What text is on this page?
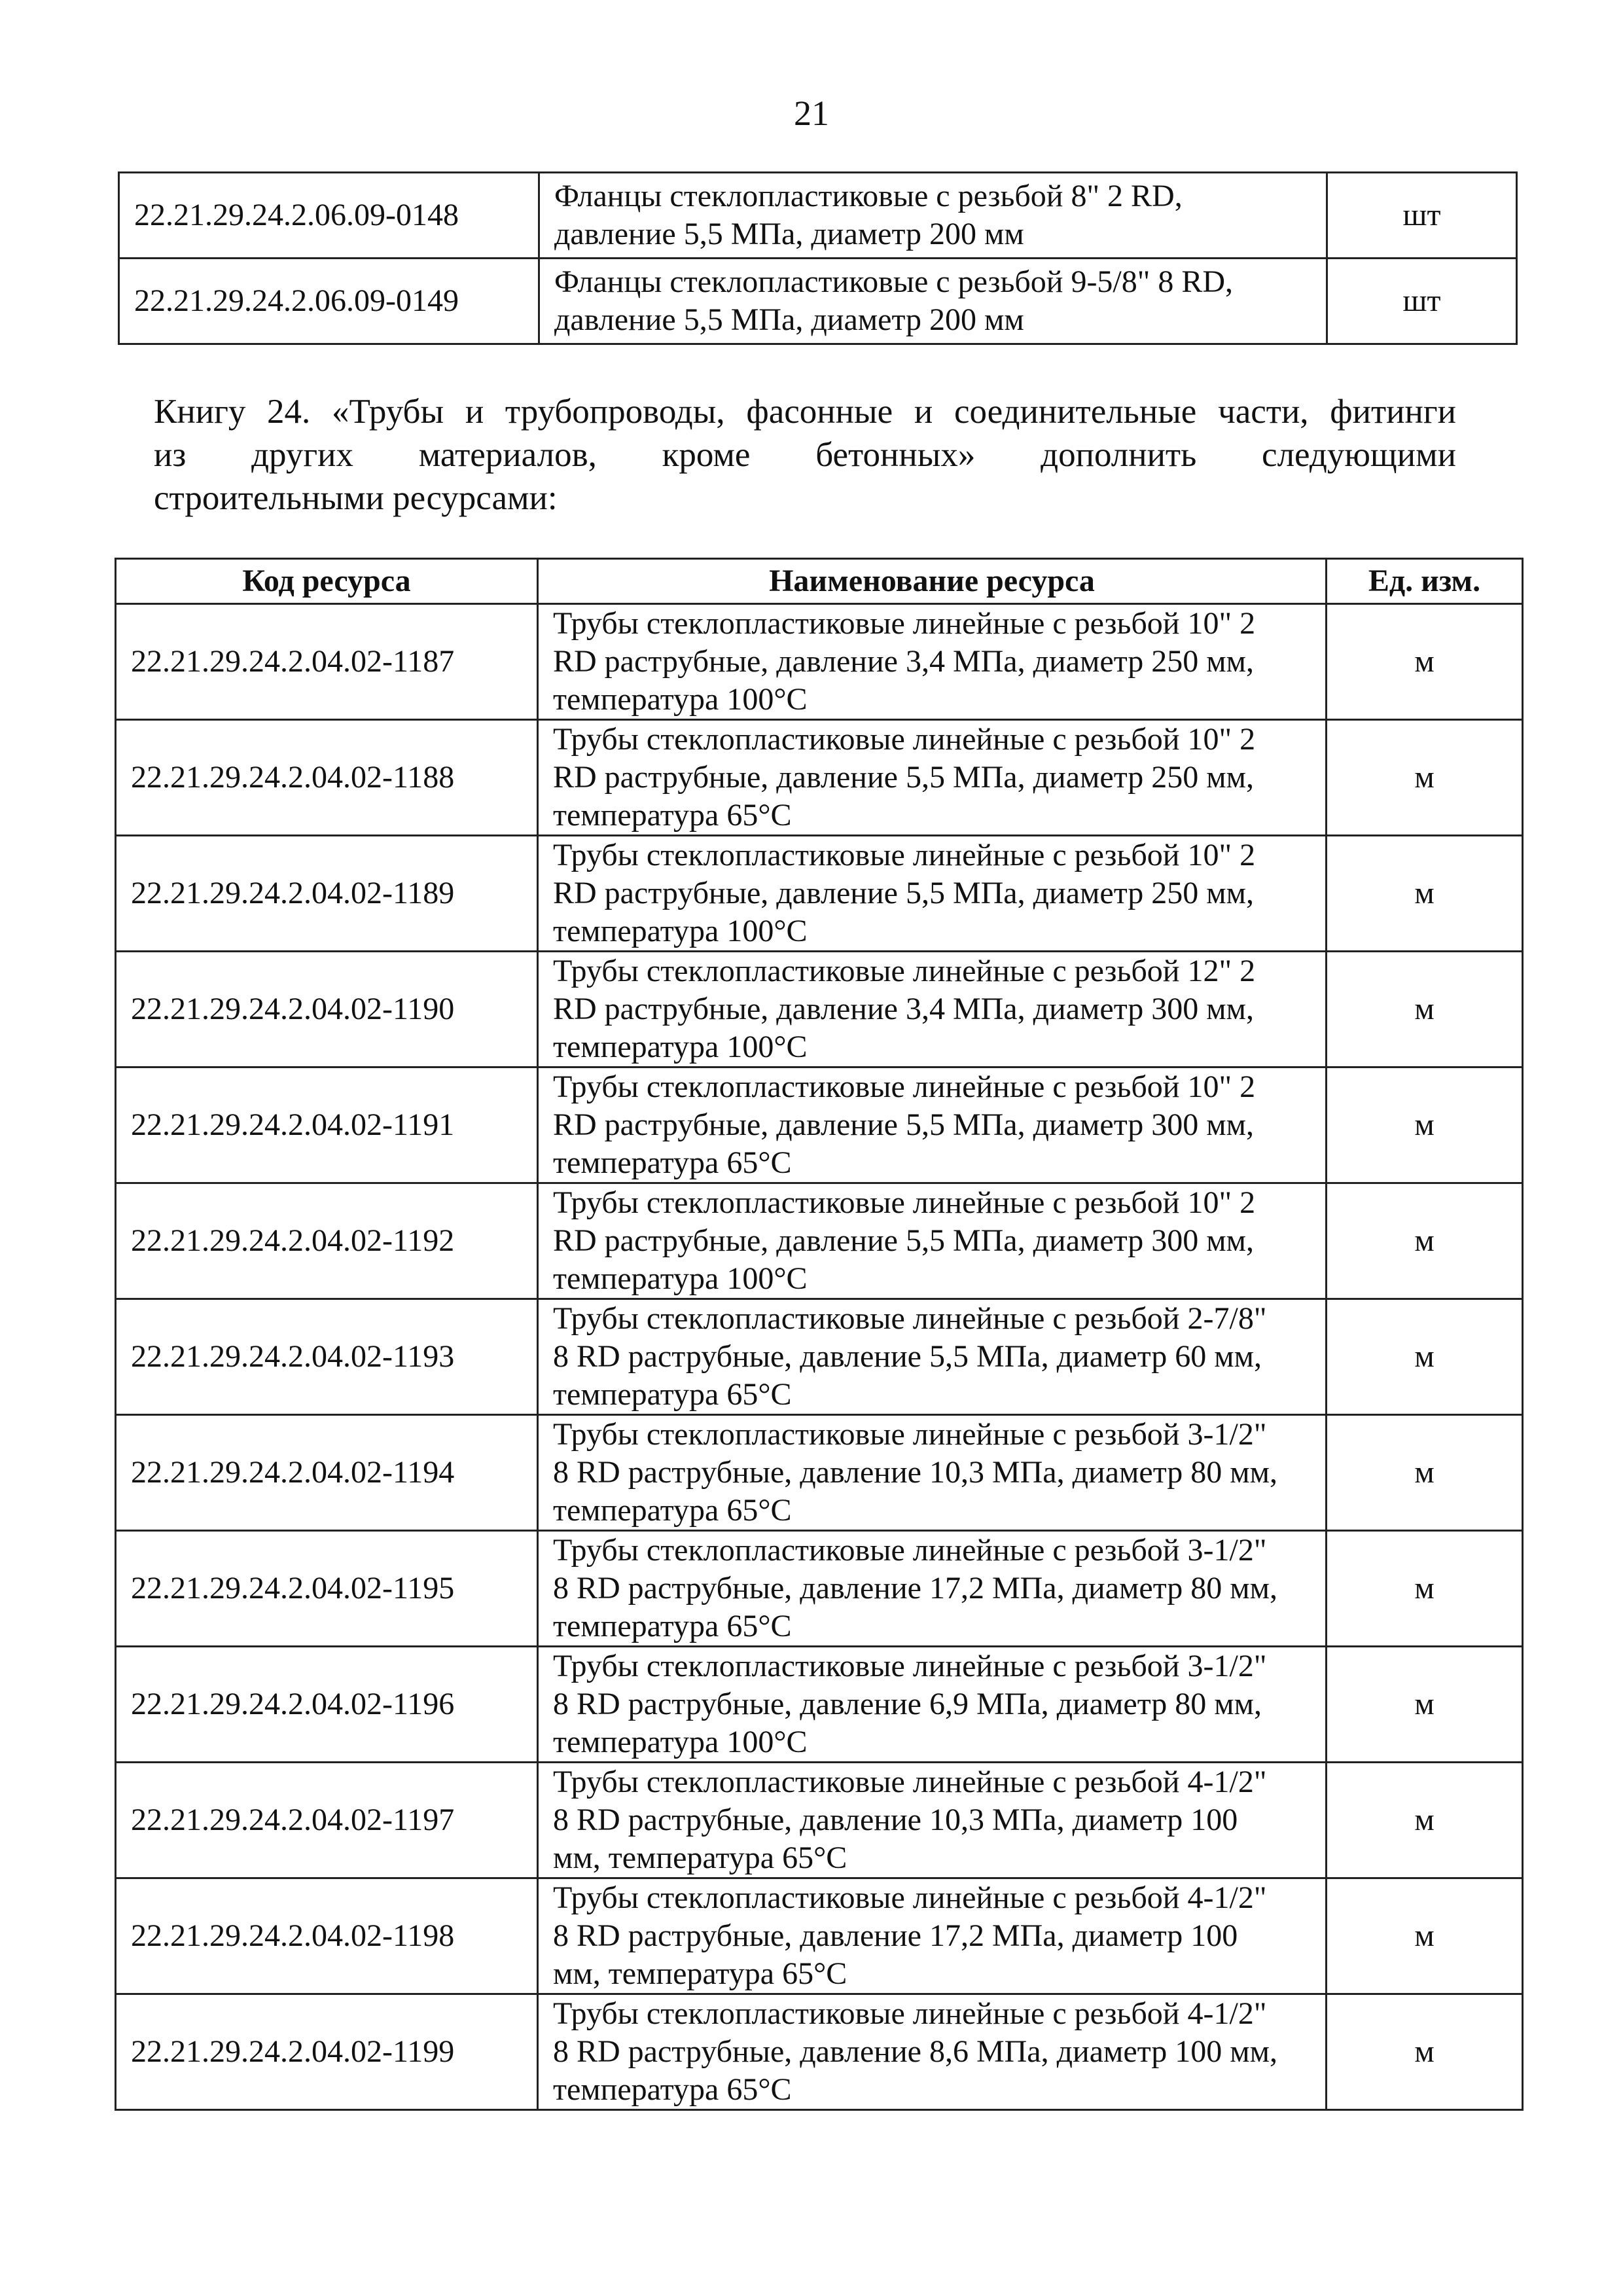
21
22.21.29.24.2.06.09-0148	Фланцы стеклопластиковые с резьбой 8" 2 RD,
давление 5,5 МПа, диаметр 200 мм	шт
22.21.29.24.2.06.09-0149	Фланцы стеклопластиковые с резьбой 9-5/8" 8 RD,
давление 5,5 МПа, диаметр 200 мм	шт
Книгу 24. «Трубы и трубопроводы, фасонные и соединительные части, фитинги
из других материалов, кроме бетонных» дополнить следующими
строительными ресурсами:
Код ресурса	Наименование ресурса	Ед. изм.
22.21.29.24.2.04.02-1187	Трубы стеклопластиковые линейные с резьбой 10" 2
RD раструбные, давление 3,4 МПа, диаметр 250 мм,
температура 100°C	м
22.21.29.24.2.04.02-1188	Трубы стеклопластиковые линейные с резьбой 10" 2
RD раструбные, давление 5,5 МПа, диаметр 250 мм,
температура 65°C	м
22.21.29.24.2.04.02-1189	Трубы стеклопластиковые линейные с резьбой 10" 2
RD раструбные, давление 5,5 МПа, диаметр 250 мм,
температура 100°C	м
22.21.29.24.2.04.02-1190	Трубы стеклопластиковые линейные с резьбой 12" 2
RD раструбные, давление 3,4 МПа, диаметр 300 мм,
температура 100°C	м
22.21.29.24.2.04.02-1191	Трубы стеклопластиковые линейные с резьбой 10" 2
RD раструбные, давление 5,5 МПа, диаметр 300 мм,
температура 65°C	м
22.21.29.24.2.04.02-1192	Трубы стеклопластиковые линейные с резьбой 10" 2
RD раструбные, давление 5,5 МПа, диаметр 300 мм,
температура 100°C	м
22.21.29.24.2.04.02-1193	Трубы стеклопластиковые линейные с резьбой 2-7/8"
8 RD раструбные, давление 5,5 МПа, диаметр 60 мм,
температура 65°C	м
22.21.29.24.2.04.02-1194	Трубы стеклопластиковые линейные с резьбой 3-1/2"
8 RD раструбные, давление 10,3 МПа, диаметр 80 мм,
температура 65°C	м
22.21.29.24.2.04.02-1195	Трубы стеклопластиковые линейные с резьбой 3-1/2"
8 RD раструбные, давление 17,2 МПа, диаметр 80 мм,
температура 65°C	м
22.21.29.24.2.04.02-1196	Трубы стеклопластиковые линейные с резьбой 3-1/2"
8 RD раструбные, давление 6,9 МПа, диаметр 80 мм,
температура 100°C	м
22.21.29.24.2.04.02-1197	Трубы стеклопластиковые линейные с резьбой 4-1/2"
8 RD раструбные, давление 10,3 МПа, диаметр 100
мм, температура 65°C	м
22.21.29.24.2.04.02-1198	Трубы стеклопластиковые линейные с резьбой 4-1/2"
8 RD раструбные, давление 17,2 МПа, диаметр 100
мм, температура 65°C	м
22.21.29.24.2.04.02-1199	Трубы стеклопластиковые линейные с резьбой 4-1/2"
8 RD раструбные, давление 8,6 МПа, диаметр 100 мм,
температура 65°C	м
